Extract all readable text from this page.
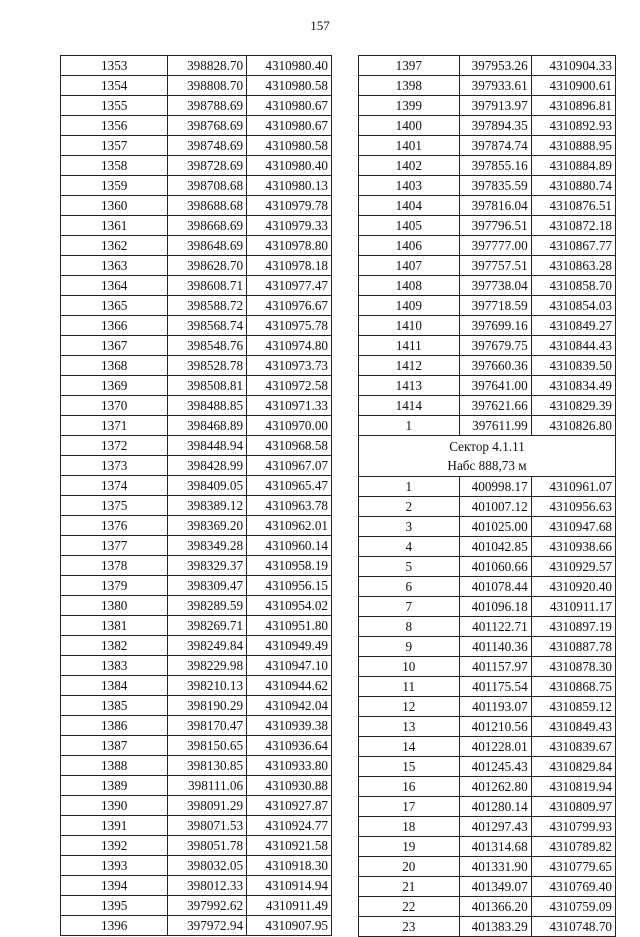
157
1353	398828.70	4310980.40
1354	398808.70	4310980.58
1355	398788.69	4310980.67
1356	398768.69	4310980.67
1357	398748.69	4310980.58
1358	398728.69	4310980.40
1359	398708.68	4310980.13
1360	398688.68	4310979.78
1361	398668.69	4310979.33
1362	398648.69	4310978.80
1363	398628.70	4310978.18
1364	398608.71	4310977.47
1365	398588.72	4310976.67
1366	398568.74	4310975.78
1367	398548.76	4310974.80
1368	398528.78	4310973.73
1369	398508.81	4310972.58
1370	398488.85	4310971.33
1371	398468.89	4310970.00
1372	398448.94	4310968.58
1373	398428.99	4310967.07
1374	398409.05	4310965.47
1375	398389.12	4310963.78
1376	398369.20	4310962.01
1377	398349.28	4310960.14
1378	398329.37	4310958.19
1379	398309.47	4310956.15
1380	398289.59	4310954.02
1381	398269.71	4310951.80
1382	398249.84	4310949.49
1383	398229.98	4310947.10
1384	398210.13	4310944.62
1385	398190.29	4310942.04
1386	398170.47	4310939.38
1387	398150.65	4310936.64
1388	398130.85	4310933.80
1389	398111.06	4310930.88
1390	398091.29	4310927.87
1391	398071.53	4310924.77
1392	398051.78	4310921.58
1393	398032.05	4310918.30
1394	398012.33	4310914.94
1395	397992.62	4310911.49
1396	397972.94	4310907.95
1397	397953.26	4310904.33
1398	397933.61	4310900.61
1399	397913.97	4310896.81
1400	397894.35	4310892.93
1401	397874.74	4310888.95
1402	397855.16	4310884.89
1403	397835.59	4310880.74
1404	397816.04	4310876.51
1405	397796.51	4310872.18
1406	397777.00	4310867.77
1407	397757.51	4310863.28
1408	397738.04	4310858.70
1409	397718.59	4310854.03
1410	397699.16	4310849.27
1411	397679.75	4310844.43
1412	397660.36	4310839.50
1413	397641.00	4310834.49
1414	397621.66	4310829.39
1	397611.99	4310826.80

Сектор 4.1.11
Набс 888,73 м		

1	400998.17	4310961.07
2	401007.12	4310956.63
3	401025.00	4310947.68
4	401042.85	4310938.66
5	401060.66	4310929.57
6	401078.44	4310920.40
7	401096.18	4310911.17
8	401122.71	4310897.19
9	401140.36	4310887.78
10	401157.97	4310878.30
11	401175.54	4310868.75
12	401193.07	4310859.12
13	401210.56	4310849.43
14	401228.01	4310839.67
15	401245.43	4310829.84
16	401262.80	4310819.94
17	401280.14	4310809.97
18	401297.43	4310799.93
19	401314.68	4310789.82
20	401331.90	4310779.65
21	401349.07	4310769.40
22	401366.20	4310759.09
23	401383.29	4310748.70
